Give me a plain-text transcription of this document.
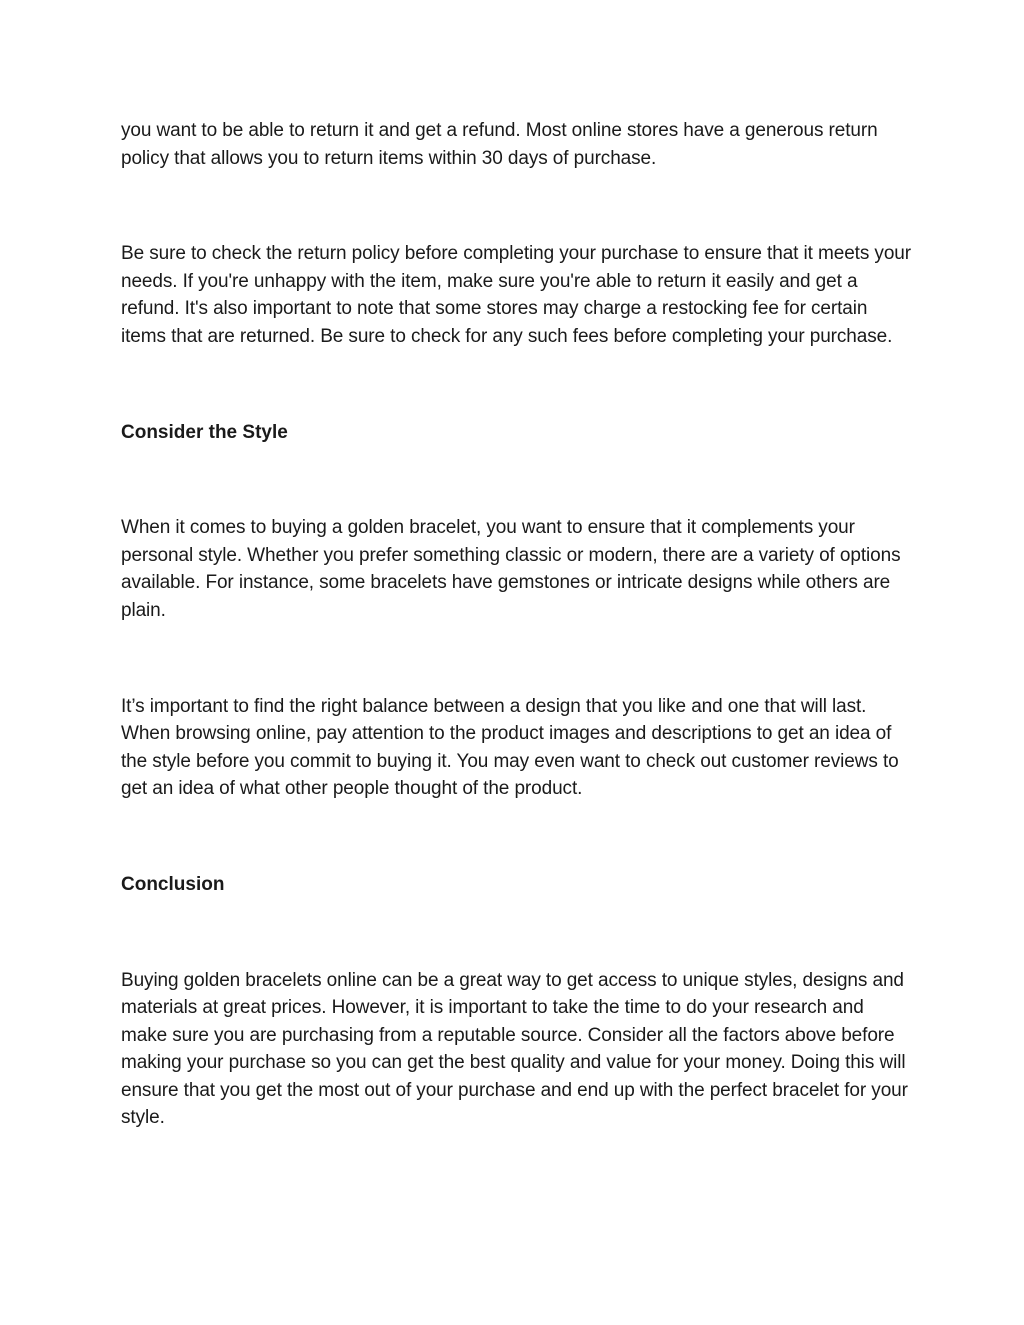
you want to be able to return it and get a refund. Most online stores have a generous return policy that allows you to return items within 30 days of purchase.

Be sure to check the return policy before completing your purchase to ensure that it meets your needs. If you're unhappy with the item, make sure you're able to return it easily and get a refund. It's also important to note that some stores may charge a restocking fee for certain items that are returned. Be sure to check for any such fees before completing your purchase.

Consider the Style

When it comes to buying a golden bracelet, you want to ensure that it complements your personal style. Whether you prefer something classic or modern, there are a variety of options available. For instance, some bracelets have gemstones or intricate designs while others are plain.

It’s important to find the right balance between a design that you like and one that will last. When browsing online, pay attention to the product images and descriptions to get an idea of the style before you commit to buying it. You may even want to check out customer reviews to get an idea of what other people thought of the product.

Conclusion

Buying golden bracelets online can be a great way to get access to unique styles, designs and materials at great prices. However, it is important to take the time to do your research and make sure you are purchasing from a reputable source. Consider all the factors above before making your purchase so you can get the best quality and value for your money. Doing this will ensure that you get the most out of your purchase and end up with the perfect bracelet for your style.
